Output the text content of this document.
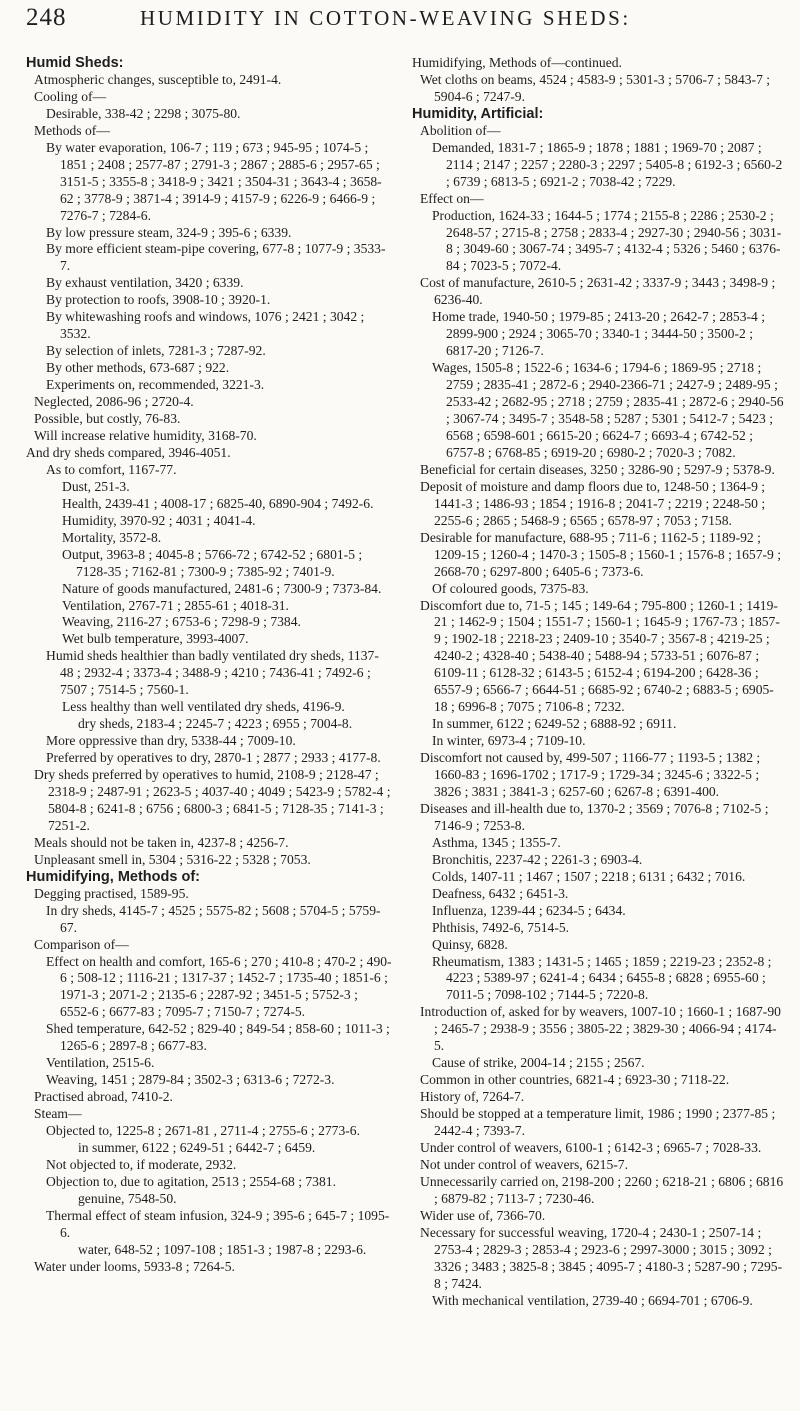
248	HUMIDITY IN COTTON-WEAVING SHEDS:

Humid Sheds:

Atmospheric changes, susceptible to, 2491-4.

Cooling of—

Desirable, 338-42 ; 2298 ; 3075-80.

Methods of—

By water evaporation, 106-7 ; 119 ; 673 ; 945-95 ; 1074-5 ; 1851 ; 2408 ; 2577-87 ; 2791-3 ; 2867 ; 2885-6 ; 2957-65 ; 3151-5 ; 3355-8 ; 3418-9 ; 3421 ; 3504-31 ; 3643-4 ; 3658-62 ; 3778-9 ; 3871-4 ; 3914-9 ; 4157-9 ; 6226-9 ; 6466-9 ; 7276-7 ; 7284-6.

By low pressure steam, 324-9 ; 395-6 ; 6339.

By more efficient steam-pipe covering, 677-8 ; 1077-9 ; 3533-7.

By exhaust ventilation, 3420 ; 6339.

By protection to roofs, 3908-10 ; 3920-1.

By whitewashing roofs and windows, 1076 ; 2421 ; 3042 ; 3532.

By selection of inlets, 7281-3 ; 7287-92.

By other methods, 673-687 ; 922.

Experiments on, recommended, 3221-3.

Neglected, 2086-96 ; 2720-4.

Possible, but costly, 76-83.

Will increase relative humidity, 3168-70.

And dry sheds compared, 3946-4051.

As to comfort, 1167-77.

Dust, 251-3.

Health, 2439-41 ; 4008-17 ; 6825-40, 6890-904 ; 7492-6.

Humidity, 3970-92 ; 4031 ; 4041-4.

Mortality, 3572-8.

Output, 3963-8 ; 4045-8 ; 5766-72 ; 6742-52 ; 6801-5 ; 7128-35 ; 7162-81 ; 7300-9 ; 7385-92 ; 7401-9.

Nature of goods manufactured, 2481-6 ; 7300-9 ; 7373-84.

Ventilation, 2767-71 ; 2855-61 ; 4018-31.

Weaving, 2116-27 ; 6753-6 ; 7298-9 ; 7384.

Wet bulb temperature, 3993-4007.

Humid sheds healthier than badly ventilated dry sheds, 1137-48 ; 2932-4 ; 3373-4 ; 3488-9 ; 4210 ; 7436-41 ; 7492-6 ; 7507 ; 7514-5 ; 7560-1.

Less healthy than well ventilated dry sheds, 4196-9.

dry sheds, 2183-4 ; 2245-7 ; 4223 ; 6955 ; 7004-8.

More oppressive than dry, 5338-44 ; 7009-10.

Preferred by operatives to dry, 2870-1 ; 2877 ; 2933 ; 4177-8.

Dry sheds preferred by operatives to humid, 2108-9 ; 2128-47 ; 2318-9 ; 2487-91 ; 2623-5 ; 4037-40 ; 4049 ; 5423-9 ; 5782-4 ; 5804-8 ; 6241-8 ; 6756 ; 6800-3 ; 6841-5 ; 7128-35 ; 7141-3 ; 7251-2.

Meals should not be taken in, 4237-8 ; 4256-7.

Unpleasant smell in, 5304 ; 5316-22 ; 5328 ; 7053.

Humidifying, Methods of:

Degging practised, 1589-95.

In dry sheds, 4145-7 ; 4525 ; 5575-82 ; 5608 ; 5704-5 ; 5759-67.

Comparison of—

Effect on health and comfort, 165-6 ; 270 ; 410-8 ; 470-2 ; 490-6 ; 508-12 ; 1116-21 ; 1317-37 ; 1452-7 ; 1735-40 ; 1851-6 ; 1971-3 ; 2071-2 ; 2135-6 ; 2287-92 ; 3451-5 ; 5752-3 ; 6552-6 ; 6677-83 ; 7095-7 ; 7150-7 ; 7274-5.

Shed temperature, 642-52 ; 829-40 ; 849-54 ; 858-60 ; 1011-3 ; 1265-6 ; 2897-8 ; 6677-83.

Ventilation, 2515-6.

Weaving, 1451 ; 2879-84 ; 3502-3 ; 6313-6 ; 7272-3.

Practised abroad, 7410-2.

Steam—

Objected to, 1225-8 ; 2671-81 , 2711-4 ; 2755-6 ; 2773-6.

in summer, 6122 ; 6249-51 ; 6442-7 ; 6459.

Not objected to, if moderate, 2932.

Objection to, due to agitation, 2513 ; 2554-68 ; 7381.

genuine, 7548-50.

Thermal effect of steam infusion, 324-9 ; 395-6 ; 645-7 ; 1095-6.

water, 648-52 ; 1097-108 ; 1851-3 ; 1987-8 ; 2293-6.

Water under looms, 5933-8 ; 7264-5.

Humidifying, Methods of—continued.

Wet cloths on beams, 4524 ; 4583-9 ; 5301-3 ; 5706-7 ; 5843-7 ; 5904-6 ; 7247-9.

Humidity, Artificial:

Abolition of—

Demanded, 1831-7 ; 1865-9 ; 1878 ; 1881 ; 1969-70 ; 2087 ; 2114 ; 2147 ; 2257 ; 2280-3 ; 2297 ; 5405-8 ; 6192-3 ; 6560-2 ; 6739 ; 6813-5 ; 6921-2 ; 7038-42 ; 7229.

Effect on—

Production, 1624-33 ; 1644-5 ; 1774 ; 2155-8 ; 2286 ; 2530-2 ; 2648-57 ; 2715-8 ; 2758 ; 2833-4 ; 2927-30 ; 2940-56 ; 3031-8 ; 3049-60 ; 3067-74 ; 3495-7 ; 4132-4 ; 5326 ; 5460 ; 6376-84 ; 7023-5 ; 7072-4.

Cost of manufacture, 2610-5 ; 2631-42 ; 3337-9 ; 3443 ; 3498-9 ; 6236-40.

Home trade, 1940-50 ; 1979-85 ; 2413-20 ; 2642-7 ; 2853-4 ; 2899-900 ; 2924 ; 3065-70 ; 3340-1 ; 3444-50 ; 3500-2 ; 6817-20 ; 7126-7.

Wages, 1505-8 ; 1522-6 ; 1634-6 ; 1794-6 ; 1869-95 ; 2718 ; 2759 ; 2835-41 ; 2872-6 ; 2940-2366-71 ; 2427-9 ; 2489-95 ; 2533-42 ; 2682-95 ; 2718 ; 2759 ; 2835-41 ; 2872-6 ; 2940-56 ; 3067-74 ; 3495-7 ; 3548-58 ; 5287 ; 5301 ; 5412-7 ; 5423 ; 6568 ; 6598-601 ; 6615-20 ; 6624-7 ; 6693-4 ; 6742-52 ; 6757-8 ; 6768-85 ; 6919-20 ; 6980-2 ; 7020-3 ; 7082.

Beneficial for certain diseases, 3250 ; 3286-90 ; 5297-9 ; 5378-9.

Deposit of moisture and damp floors due to, 1248-50 ; 1364-9 ; 1441-3 ; 1486-93 ; 1854 ; 1916-8 ; 2041-7 ; 2219 ; 2248-50 ; 2255-6 ; 2865 ; 5468-9 ; 6565 ; 6578-97 ; 7053 ; 7158.

Desirable for manufacture, 688-95 ; 711-6 ; 1162-5 ; 1189-92 ; 1209-15 ; 1260-4 ; 1470-3 ; 1505-8 ; 1560-1 ; 1576-8 ; 1657-9 ; 2668-70 ; 6297-800 ; 6405-6 ; 7373-6.

Of coloured goods, 7375-83.

Discomfort due to, 71-5 ; 145 ; 149-64 ; 795-800 ; 1260-1 ; 1419-21 ; 1462-9 ; 1504 ; 1551-7 ; 1560-1 ; 1645-9 ; 1767-73 ; 1857-9 ; 1902-18 ; 2218-23 ; 2409-10 ; 3540-7 ; 3567-8 ; 4219-25 ; 4240-2 ; 4328-40 ; 5438-40 ; 5488-94 ; 5733-51 ; 6076-87 ; 6109-11 ; 6128-32 ; 6143-5 ; 6152-4 ; 6194-200 ; 6428-36 ; 6557-9 ; 6566-7 ; 6644-51 ; 6685-92 ; 6740-2 ; 6883-5 ; 6905-18 ; 6996-8 ; 7075 ; 7106-8 ; 7232.

In summer, 6122 ; 6249-52 ; 6888-92 ; 6911.

In winter, 6973-4 ; 7109-10.

Discomfort not caused by, 499-507 ; 1166-77 ; 1193-5 ; 1382 ; 1660-83 ; 1696-1702 ; 1717-9 ; 1729-34 ; 3245-6 ; 3322-5 ; 3826 ; 3831 ; 3841-3 ; 6257-60 ; 6267-8 ; 6391-400.

Diseases and ill-health due to, 1370-2 ; 3569 ; 7076-8 ; 7102-5 ; 7146-9 ; 7253-8.

Asthma, 1345 ; 1355-7.

Bronchitis, 2237-42 ; 2261-3 ; 6903-4.

Colds, 1407-11 ; 1467 ; 1507 ; 2218 ; 6131 ; 6432 ; 7016.

Deafness, 6432 ; 6451-3.

Influenza, 1239-44 ; 6234-5 ; 6434.

Phthisis, 7492-6, 7514-5.

Quinsy, 6828.

Rheumatism, 1383 ; 1431-5 ; 1465 ; 1859 ; 2219-23 ; 2352-8 ; 4223 ; 5389-97 ; 6241-4 ; 6434 ; 6455-8 ; 6828 ; 6955-60 ; 7011-5 ; 7098-102 ; 7144-5 ; 7220-8.

Introduction of, asked for by weavers, 1007-10 ; 1660-1 ; 1687-90 ; 2465-7 ; 2938-9 ; 3556 ; 3805-22 ; 3829-30 ; 4066-94 ; 4174-5.

Cause of strike, 2004-14 ; 2155 ; 2567.

Common in other countries, 6821-4 ; 6923-30 ; 7118-22.

History of, 7264-7.

Should be stopped at a temperature limit, 1986 ; 1990 ; 2377-85 ; 2442-4 ; 7393-7.

Under control of weavers, 6100-1 ; 6142-3 ; 6965-7 ; 7028-33.

Not under control of weavers, 6215-7.

Unnecessarily carried on, 2198-200 ; 2260 ; 6218-21 ; 6806 ; 6816 ; 6879-82 ; 7113-7 ; 7230-46.

Wider use of, 7366-70.

Necessary for successful weaving, 1720-4 ; 2430-1 ; 2507-14 ; 2753-4 ; 2829-3 ; 2853-4 ; 2923-6 ; 2997-3000 ; 3015 ; 3092 ; 3326 ; 3483 ; 3825-8 ; 3845 ; 4095-7 ; 4180-3 ; 5287-90 ; 7295-8 ; 7424.

With mechanical ventilation, 2739-40 ; 6694-701 ; 6706-9.
